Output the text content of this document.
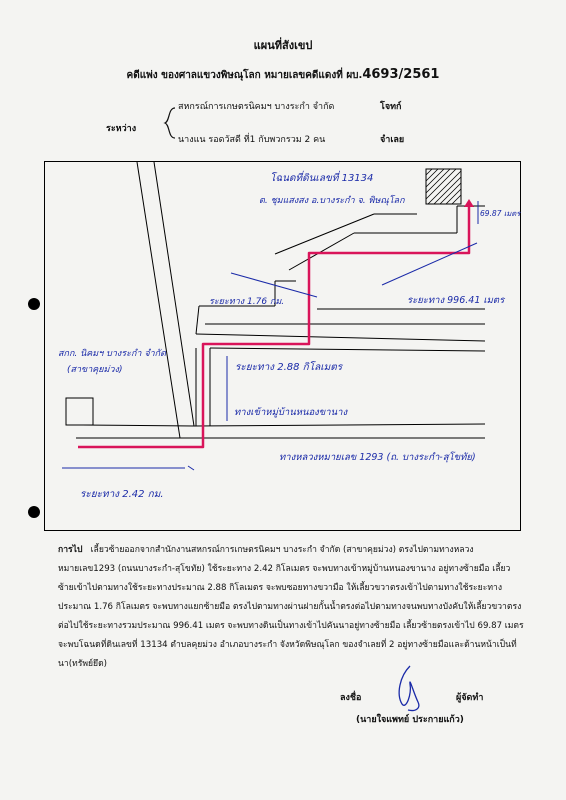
แผนที่สังเขป
คดีแพ่ง ของศาลแขวงพิษณุโลก หมายเลขคดีแดงที่ ผบ.4693/2561
สหกรณ์การเกษตรนิคมฯ บางระกำ จำกัด	โจทก์
ระหว่าง
นางแน รอดวัสดี ที่1 กับพวกรวม 2 คน	จำเลย
โฉนดที่ดินเลขที่ 13134
ต. ชุมแสงสง อ.บางระกำ จ. พิษณุโลก
69.87 เมตร
ระยะทาง 1.76 กม.	ระยะทาง 996.41 เมตร
ระยะทาง 2.88 กิโลเมตร
สกก. นิคมฯ บางระกำ จำกัด
(สาขาคุยม่วง)
ทางเข้าหมู่บ้านหนองขานาง
ทางหลวงหมายเลข 1293 (ถ. บางระกำ-สุโขทัย)
ระยะทาง 2.42 กม.
การไป เลี้ยวซ้ายออกจากสำนักงานสหกรณ์การเกษตรนิคมฯ บางระกำ จำกัด (สาขาคุยม่วง) ตรงไปตามทางหลวงหมายเลข1293 (ถนนบางระกำ-สุโขทัย) ใช้ระยะทาง 2.42 กิโลเมตร จะพบทางเข้าหมู่บ้านหนองขานาง อยู่ทางซ้ายมือ เลี้ยวซ้ายเข้าไปตามทางใช้ระยะทางประมาณ 2.88 กิโลเมตร จะพบซอยทางขวามือ ให้เลี้ยวขวาตรงเข้าไปตามทางใช้ระยะทางประมาณ 1.76 กิโลเมตร จะพบทางแยกซ้ายมือ ตรงไปตามทางผ่านฝายกั้นน้ำตรงต่อไปตามทางจนพบทางบังคับให้เลี้ยวขวาตรงต่อไปใช้ระยะทางรวมประมาณ 996.41 เมตร จะพบทางดินเป็นทางเข้าไปคันนาอยู่ทางซ้ายมือ เลี้ยวซ้ายตรงเข้าไป 69.87 เมตร จะพบโฉนดที่ดินเลขที่ 13134 ตำบลคุยม่วง อำเภอบางระกำ จังหวัดพิษณุโลก ของจำเลยที่ 2 อยู่ทางซ้ายมือและด้านหน้าเป็นที่นา(ทรัพย์ยึด)
ลงชื่อ	ผู้จัดทำ
(นายใจแพทย์ ประกายแก้ว)
